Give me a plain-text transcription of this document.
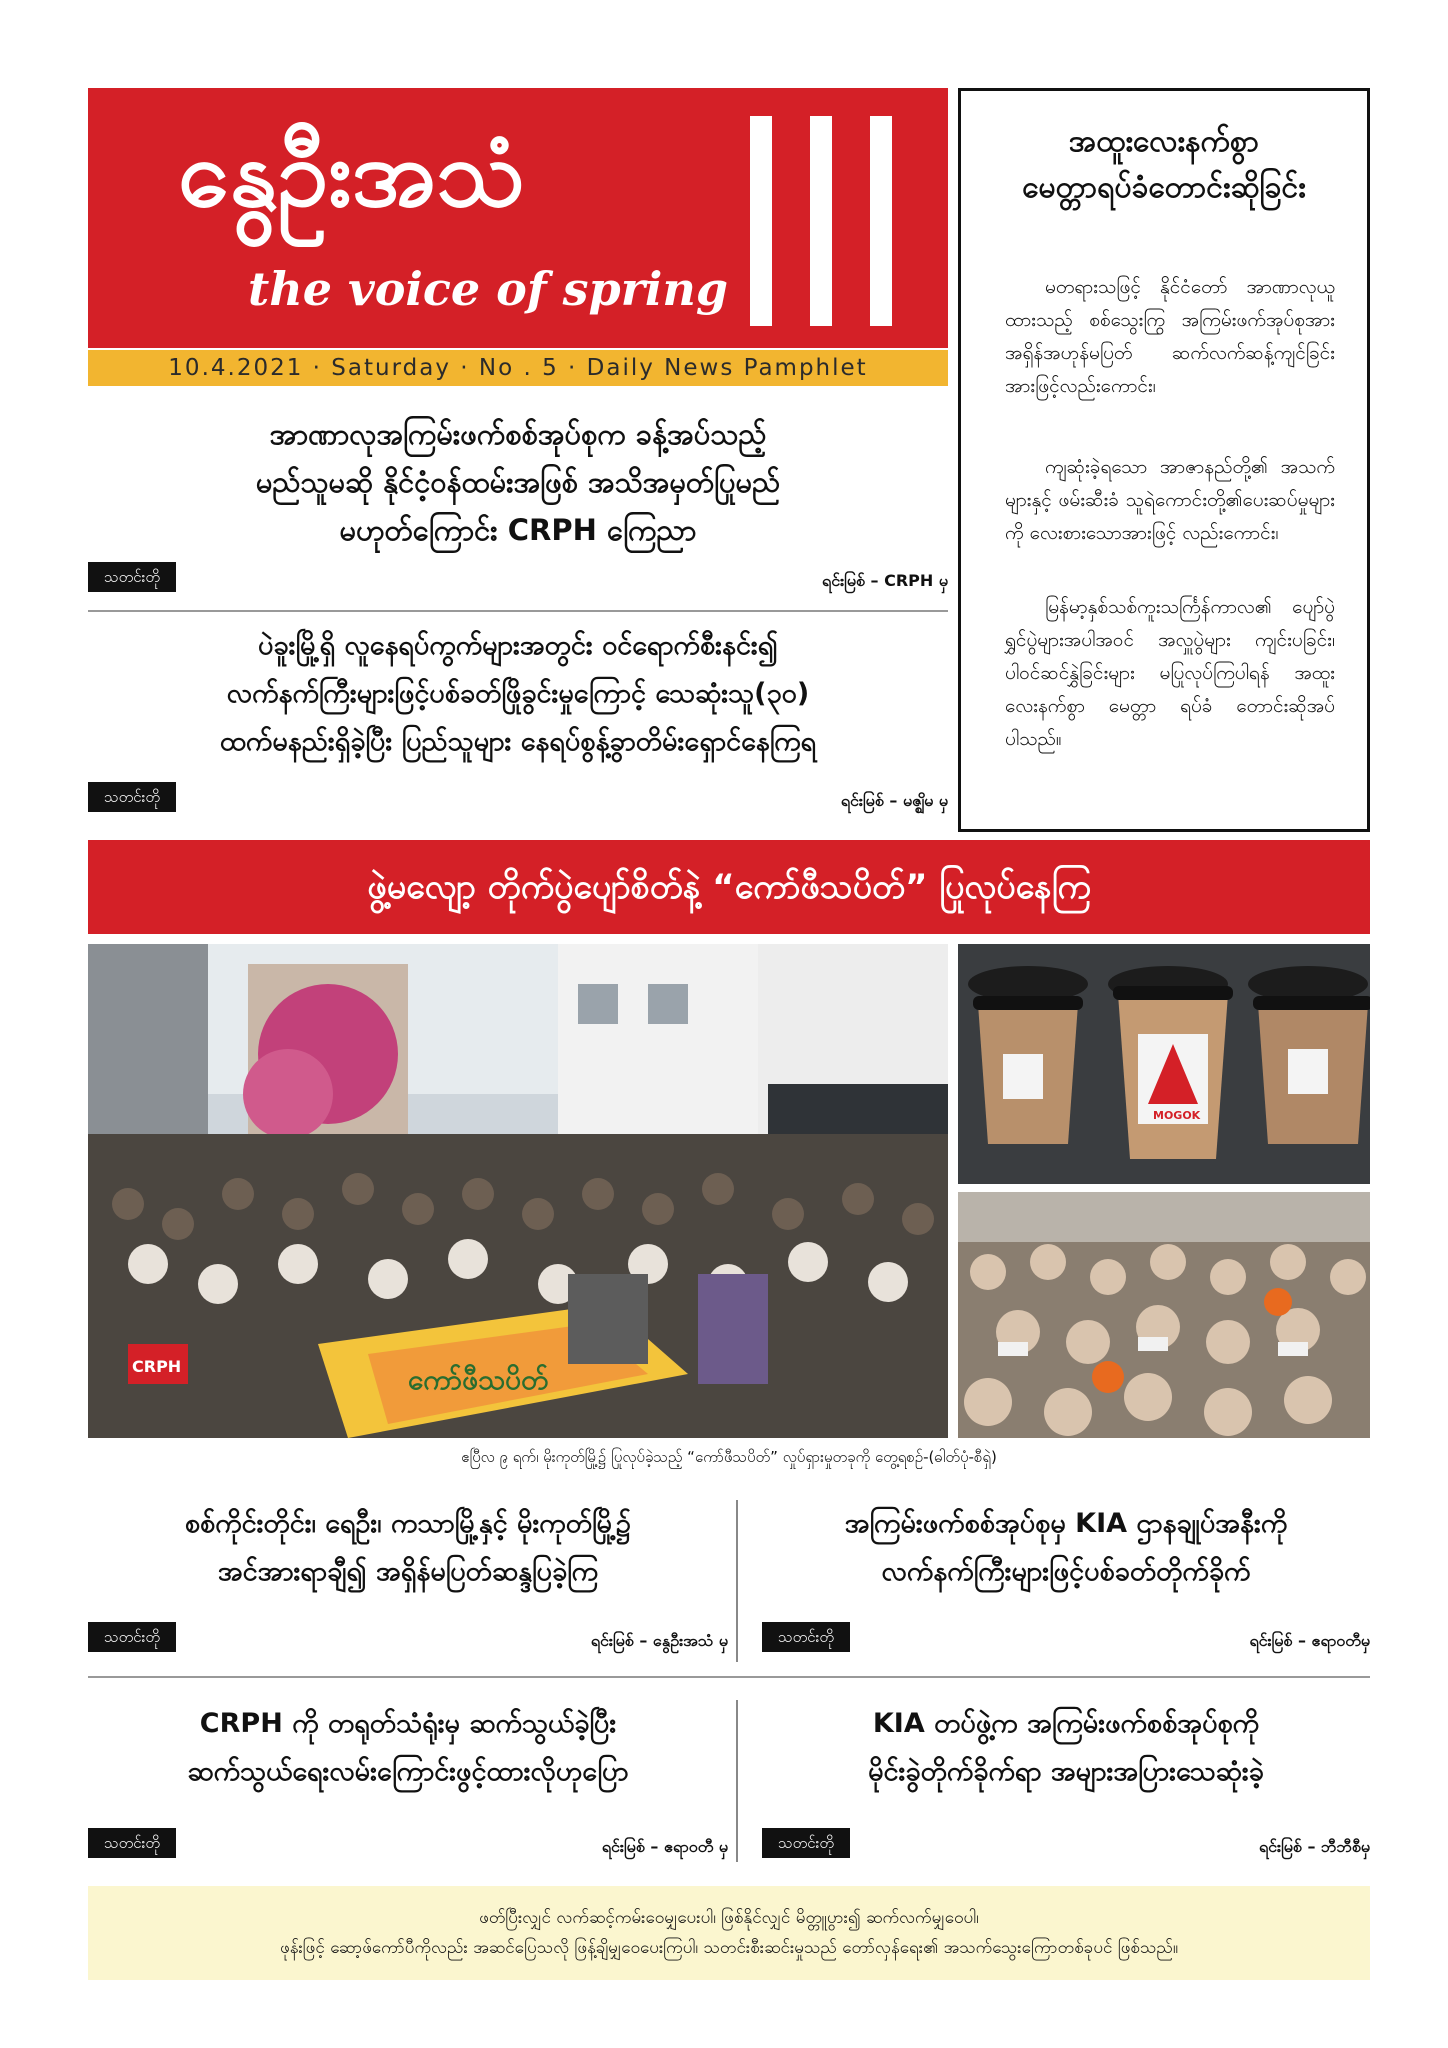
နွေဦးအသံ
the voice of spring
10.4.2021 · Saturday · No . 5 · Daily News Pamphlet
အထူးလေးနက်စွာ
မေတ္တာရပ်ခံတောင်းဆိုခြင်း
မတရားသဖြင့် နိုင်ငံတော် အာဏာလုယူထားသည့် စစ်သွေးကြွ အကြမ်းဖက်အုပ်စုအား အရှိန်အဟုန်မပြတ် ဆက်လက်ဆန့်ကျင်ခြင်းအားဖြင့်လည်းကောင်း၊
ကျဆုံးခဲ့ရသော အာဇာနည်တို့၏ အသက်များနှင့် ဖမ်းဆီးခံ သူရဲကောင်းတို့၏ပေးဆပ်မှုများကို လေးစားသောအားဖြင့် လည်းကောင်း၊
မြန်မာ့နှစ်သစ်ကူးသင်္ကြန်ကာလ၏ ပျော်ပွဲရွှင်ပွဲများအပါအဝင် အလှူပွဲများ ကျင်းပခြင်း၊ ပါဝင်ဆင်နွှဲခြင်းများ မပြုလုပ်ကြပါရန် အထူးလေးနက်စွာ မေတ္တာ ရပ်ခံ တောင်းဆိုအပ်ပါသည်။
အာဏာလုအကြမ်းဖက်စစ်အုပ်စုက ခန့်အပ်သည့်
မည်သူမဆို နိုင်ငံ့ဝန်ထမ်းအဖြစ် အသိအမှတ်ပြုမည်
မဟုတ်ကြောင်း CRPH ကြေညာ
သတင်းတို	ရင်းမြစ် – CRPH မှ
ပဲခူးမြို့ရှိ လူနေရပ်ကွက်များအတွင်း ဝင်ရောက်စီးနင်း၍
လက်နက်ကြီးများဖြင့်ပစ်ခတ်ဖြိုခွင်းမှုကြောင့် သေဆုံးသူ(၃၀)
ထက်မနည်းရှိခဲ့ပြီး ပြည်သူများ နေရပ်စွန့်ခွာတိမ်းရှောင်နေကြရ
သတင်းတို	ရင်းမြစ် – မဇ္ဈိမ မှ
ဖွဲ့မလျော့ တိုက်ပွဲပျော်စိတ်နဲ့ “ကော်ဖီသပိတ်” ပြုလုပ်နေကြ
ကော်ဖီသပိတ်
CRPH
MOGOK
ဧပြီလ ၉ ရက်၊ မိုးကုတ်မြို့၌ ပြုလုပ်ခဲ့သည့် “ကော်ဖီသပိတ်” လှုပ်ရှားမှုတခုကို တွေ့ရစဉ်-(ဓါတ်ပုံ-စီရှဲ)
စစ်ကိုင်းတိုင်း၊ ရေဦး၊ ကသာမြို့နှင့် မိုးကုတ်မြို့၌
အင်အားရာချီ၍ အရှိန်မပြတ်ဆန္ဒပြခဲ့ကြ
သတင်းတို	ရင်းမြစ် – နွေဦးအသံ မှ
အကြမ်းဖက်စစ်အုပ်စုမှ KIA ဌာနချုပ်အနီးကို
လက်နက်ကြီးများဖြင့်ပစ်ခတ်တိုက်ခိုက်
သတင်းတို	ရင်းမြစ် – ဧရာဝတီမှ
CRPH ကို တရုတ်သံရုံးမှ ဆက်သွယ်ခဲ့ပြီး
ဆက်သွယ်ရေးလမ်းကြောင်းဖွင့်ထားလိုဟုပြော
သတင်းတို	ရင်းမြစ် – ဧရာဝတီ မှ
KIA တပ်ဖွဲ့က အကြမ်းဖက်စစ်အုပ်စုကို
မိုင်းခွဲတိုက်ခိုက်ရာ အများအပြားသေဆုံးခဲ့
သတင်းတို	ရင်းမြစ် – ဘီဘီစီမှ
ဖတ်ပြီးလျှင် လက်ဆင့်ကမ်းဝေမျှပေးပါ၊ ဖြစ်နိုင်လျှင် မိတ္တူပွား၍ ဆက်လက်မျှဝေပါ၊
ဖုန်းဖြင့် ဆော့ဖ်ကော်ပီကိုလည်း အဆင်ပြေသလို ဖြန့်ချိမျှဝေပေးကြပါ၊ သတင်းစီးဆင်းမှုသည် တော်လှန်ရေး၏ အသက်သွေးကြောတစ်ခုပင် ဖြစ်သည်။
